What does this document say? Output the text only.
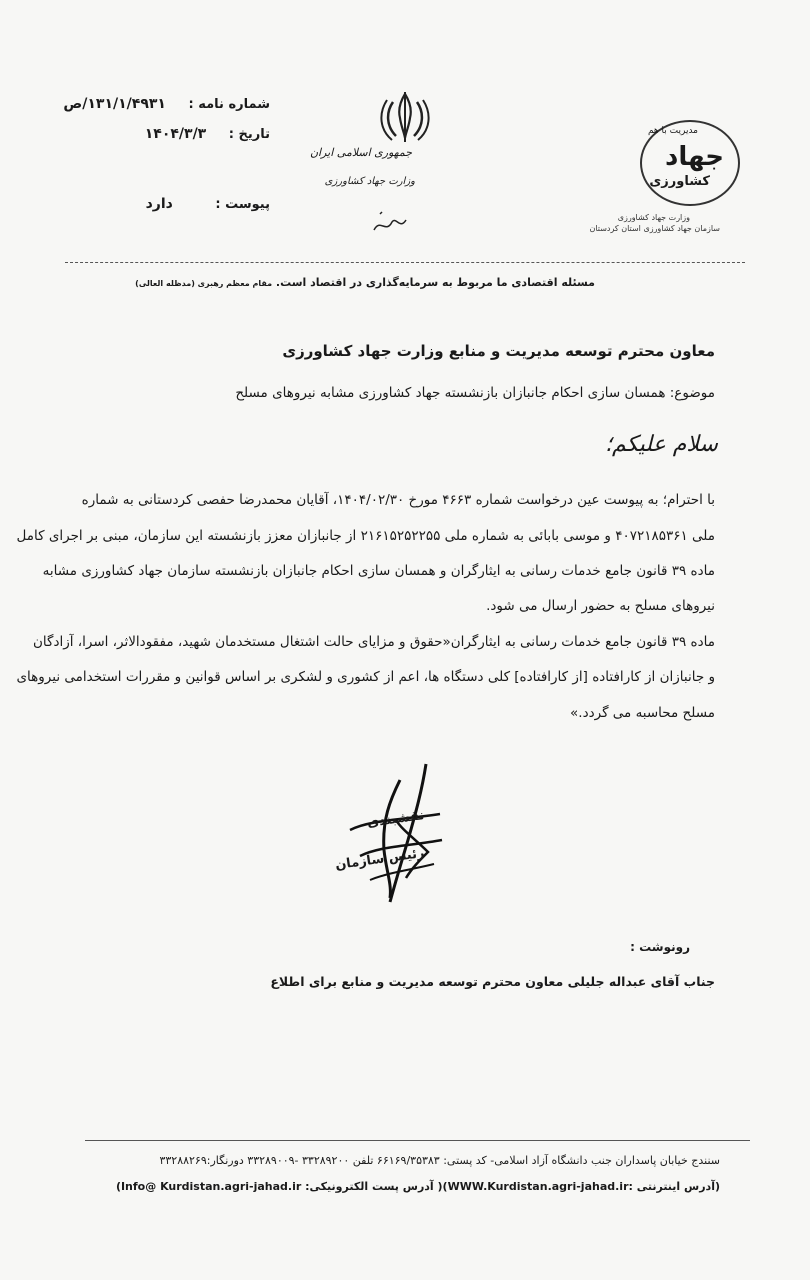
شماره نامه : ۱۳۱/۱/۴۹۳۱/ص
تاریخ : ۱۴۰۴/۳/۳
پیوست : دارد
جمهوری اسلامی ایران
وزارت جهاد کشاورزی
مدیریت با هم
جهاد
کشاورزی
وزارت جهاد کشاورزی
سازمان جهاد کشاورزی استان کردستان
مسئله اقتصادی ما مربوط به سرمایه‌گذاری در اقتصاد است. مقام معظم رهبری (مدظله العالی)
معاون محترم توسعه مدیریت و منابع وزارت جهاد کشاورزی
موضوع: همسان سازی احکام جانبازان بازنشسته جهاد کشاورزی مشابه نیروهای مسلح
سلام علیکم؛
با احترام؛ به پیوست عین درخواست شماره ۴۶۶۳ مورخ ۱۴۰۴/۰۲/۳۰، آقایان محمدرضا حفصی کردستانی به شماره
ملی ۴۰۷۲۱۸۵۳۶۱ و موسی بابائی به شماره ملی ۲۱۶۱۵۲۵۲۲۵۵ از جانبازان معزز بازنشسته این سازمان، مبنی بر اجرای کامل
ماده ۳۹ قانون جامع خدمات رسانی به ایثارگران و همسان سازی احکام جانبازان بازنشسته سازمان جهاد کشاورزی مشابه
نیروهای مسلح به حضور ارسال می شود.
ماده ۳۹ قانون جامع خدمات رسانی به ایثارگران«حقوق و مزایای حالت اشتغال مستخدمان شهید، مفقودالاثر، اسرا، آزادگان
و جانبازان از کارافتاده [از کارافتاده] کلی دستگاه ها، اعم از کشوری و لشکری بر اساس قوانین و مقررات استخدامی نیروهای
مسلح محاسبه می گردد.»
نقشبندی
رئیس سازمان
رونوشت :
جناب آقای عبداله جلیلی معاون محترم توسعه مدیریت و منابع برای اطلاع
سنندج خیابان پاسداران جنب دانشگاه آزاد اسلامی- کد پستی: ۶۶۱۶۹/۳۵۳۸۳ تلفن ۳۳۲۸۹۲۰۰ -۳۳۲۸۹۰۰۹ دورنگار:۳۳۲۸۸۲۶۹
(آدرس اینترنتی :WWW.Kurdistan.agri-jahad.ir)( آدرس پست الکترونیکی: Info@ Kurdistan.agri-jahad.ir)
